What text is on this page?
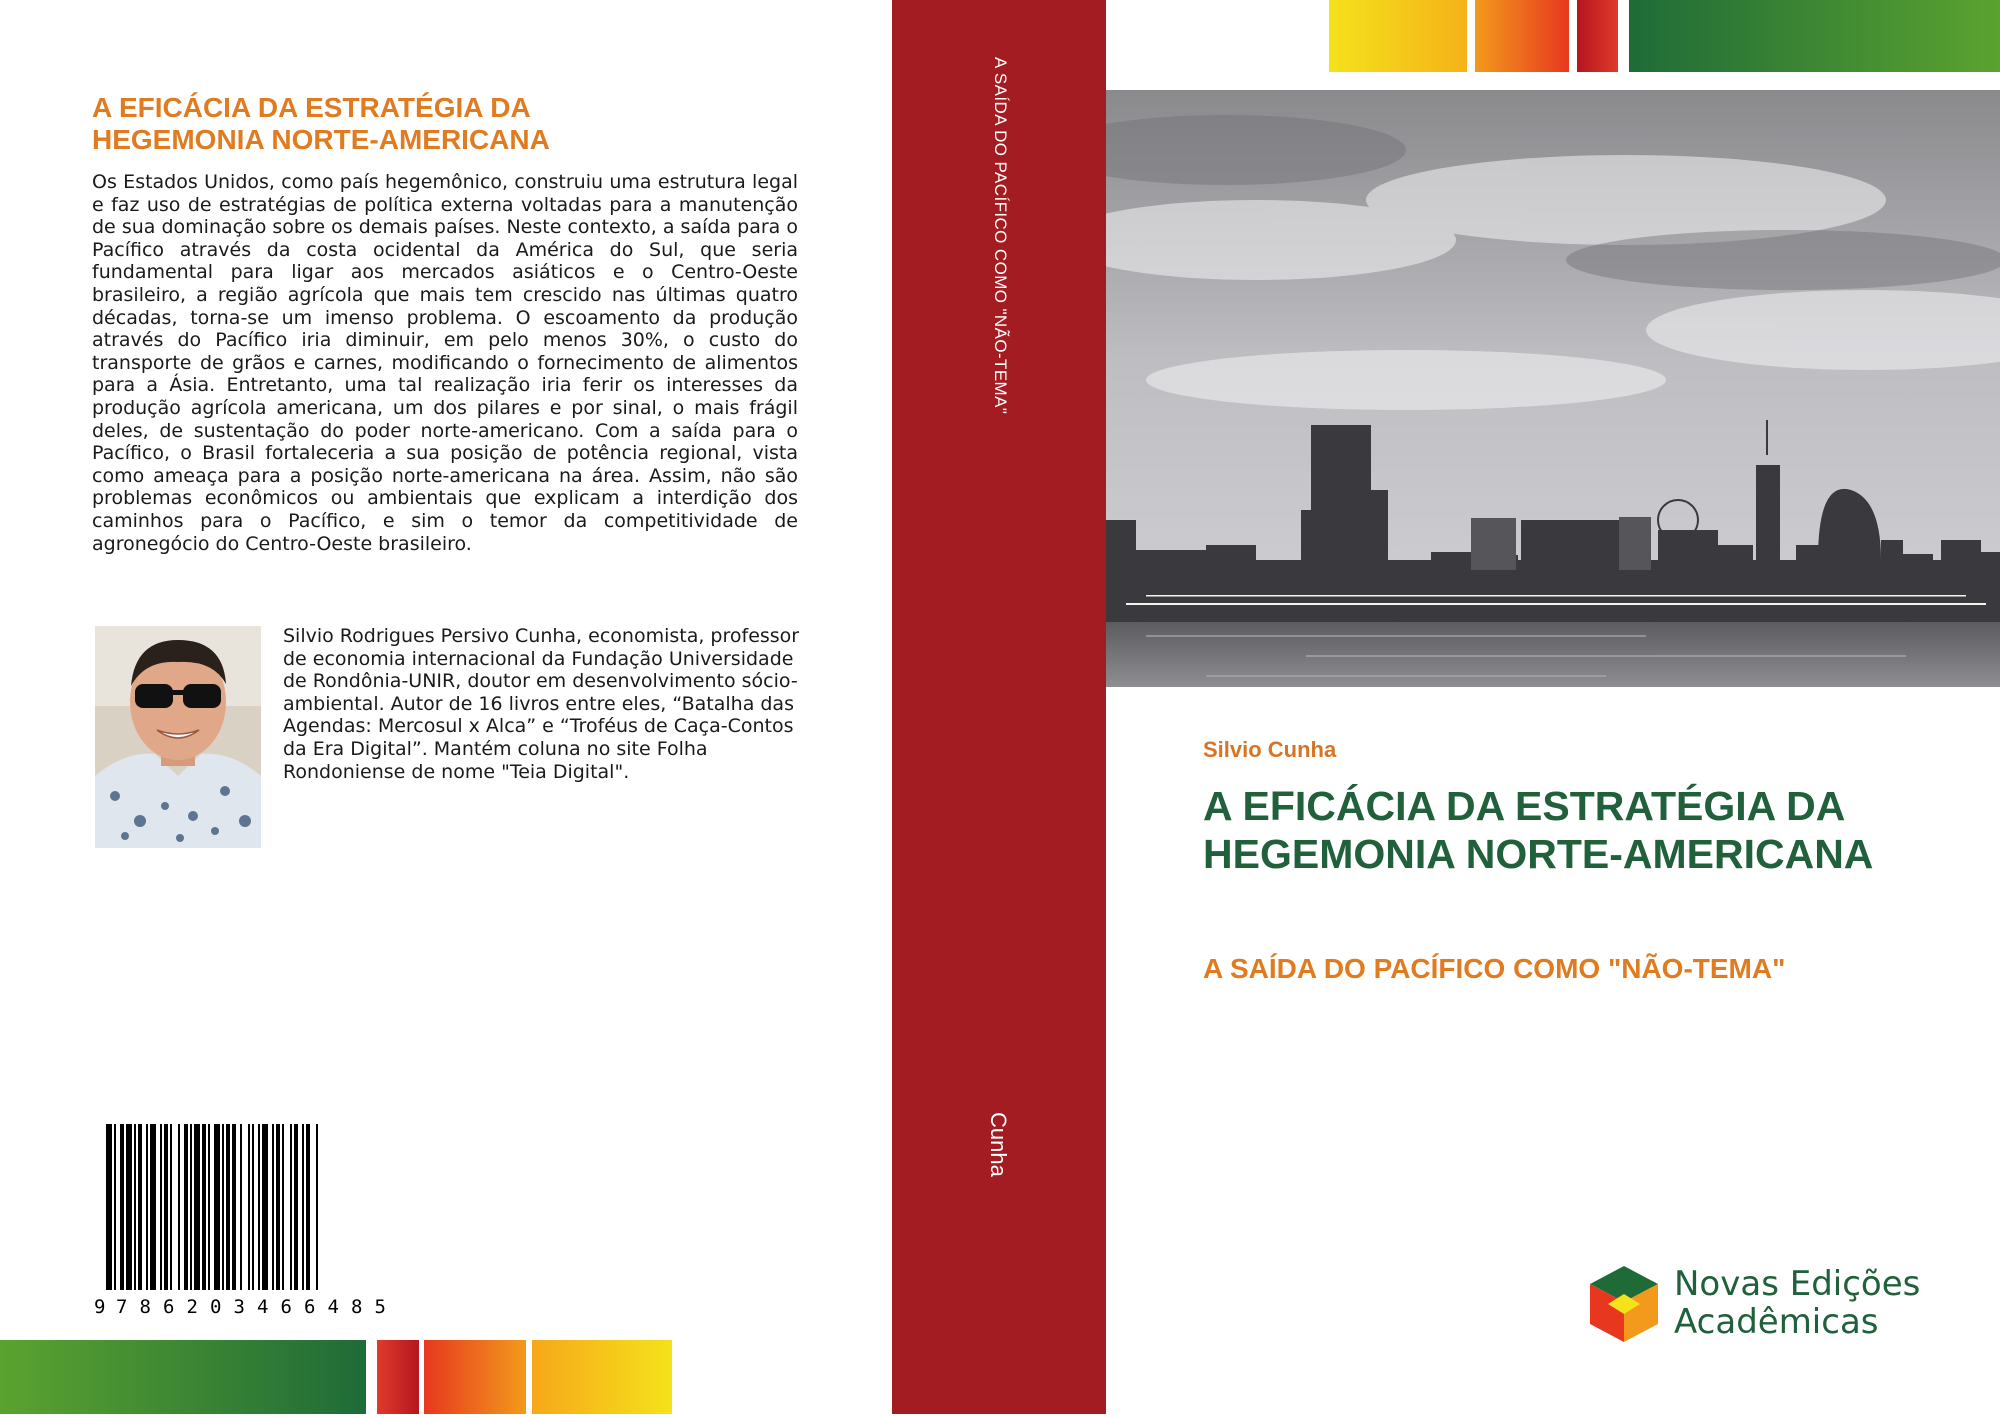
A EFICÁCIA DA ESTRATÉGIA DA
HEGEMONIA NORTE-AMERICANA

Os Estados Unidos, como país hegemônico, construiu uma estrutura legal e faz uso de estratégias de política externa voltadas para a manutenção de sua dominação sobre os demais países. Neste contexto, a saída para o Pacífico através da costa ocidental da América do Sul, que seria fundamental para ligar aos mercados asiáticos e o Centro-Oeste brasileiro, a região agrícola que mais tem crescido nas últimas quatro décadas, torna-se um imenso problema. O escoamento da produção através do Pacífico iria diminuir, em pelo menos 30%, o custo do transporte de grãos e carnes, modificando o fornecimento de alimentos para a Ásia. Entretanto, uma tal realização iria ferir os interesses da produção agrícola americana, um dos pilares e por sinal, o mais frágil deles, de sustentação do poder norte-americano. Com a saída para o Pacífico, o Brasil fortaleceria a sua posição de potência regional, vista como ameaça para a posição norte-americana na área. Assim, não são problemas econômicos ou ambientais que explicam a interdição dos caminhos para o Pacífico, e sim o temor da competitividade de agronegócio do Centro-Oeste brasileiro.

Silvio Rodrigues Persivo Cunha, economista, professor de economia internacional da Fundação Universidade de Rondônia-UNIR, doutor em desenvolvimento sócio-ambiental. Autor de 16 livros entre eles, “Batalha das Agendas: Mercosul x Alca” e “Troféus de Caça-Contos da Era Digital”. Mantém coluna no site Folha Rondoniense de nome "Teia Digital".

9 7 8 6 2 0 3 4 6 6 4 8 5

A SAÍDA DO PACÍFICO COMO "NÃO-TEMA"

Cunha

Silvio Cunha

A EFICÁCIA DA ESTRATÉGIA DA HEGEMONIA NORTE-AMERICANA
A SAÍDA DO PACÍFICO COMO "NÃO-TEMA"

Novas Edições
Acadêmicas
